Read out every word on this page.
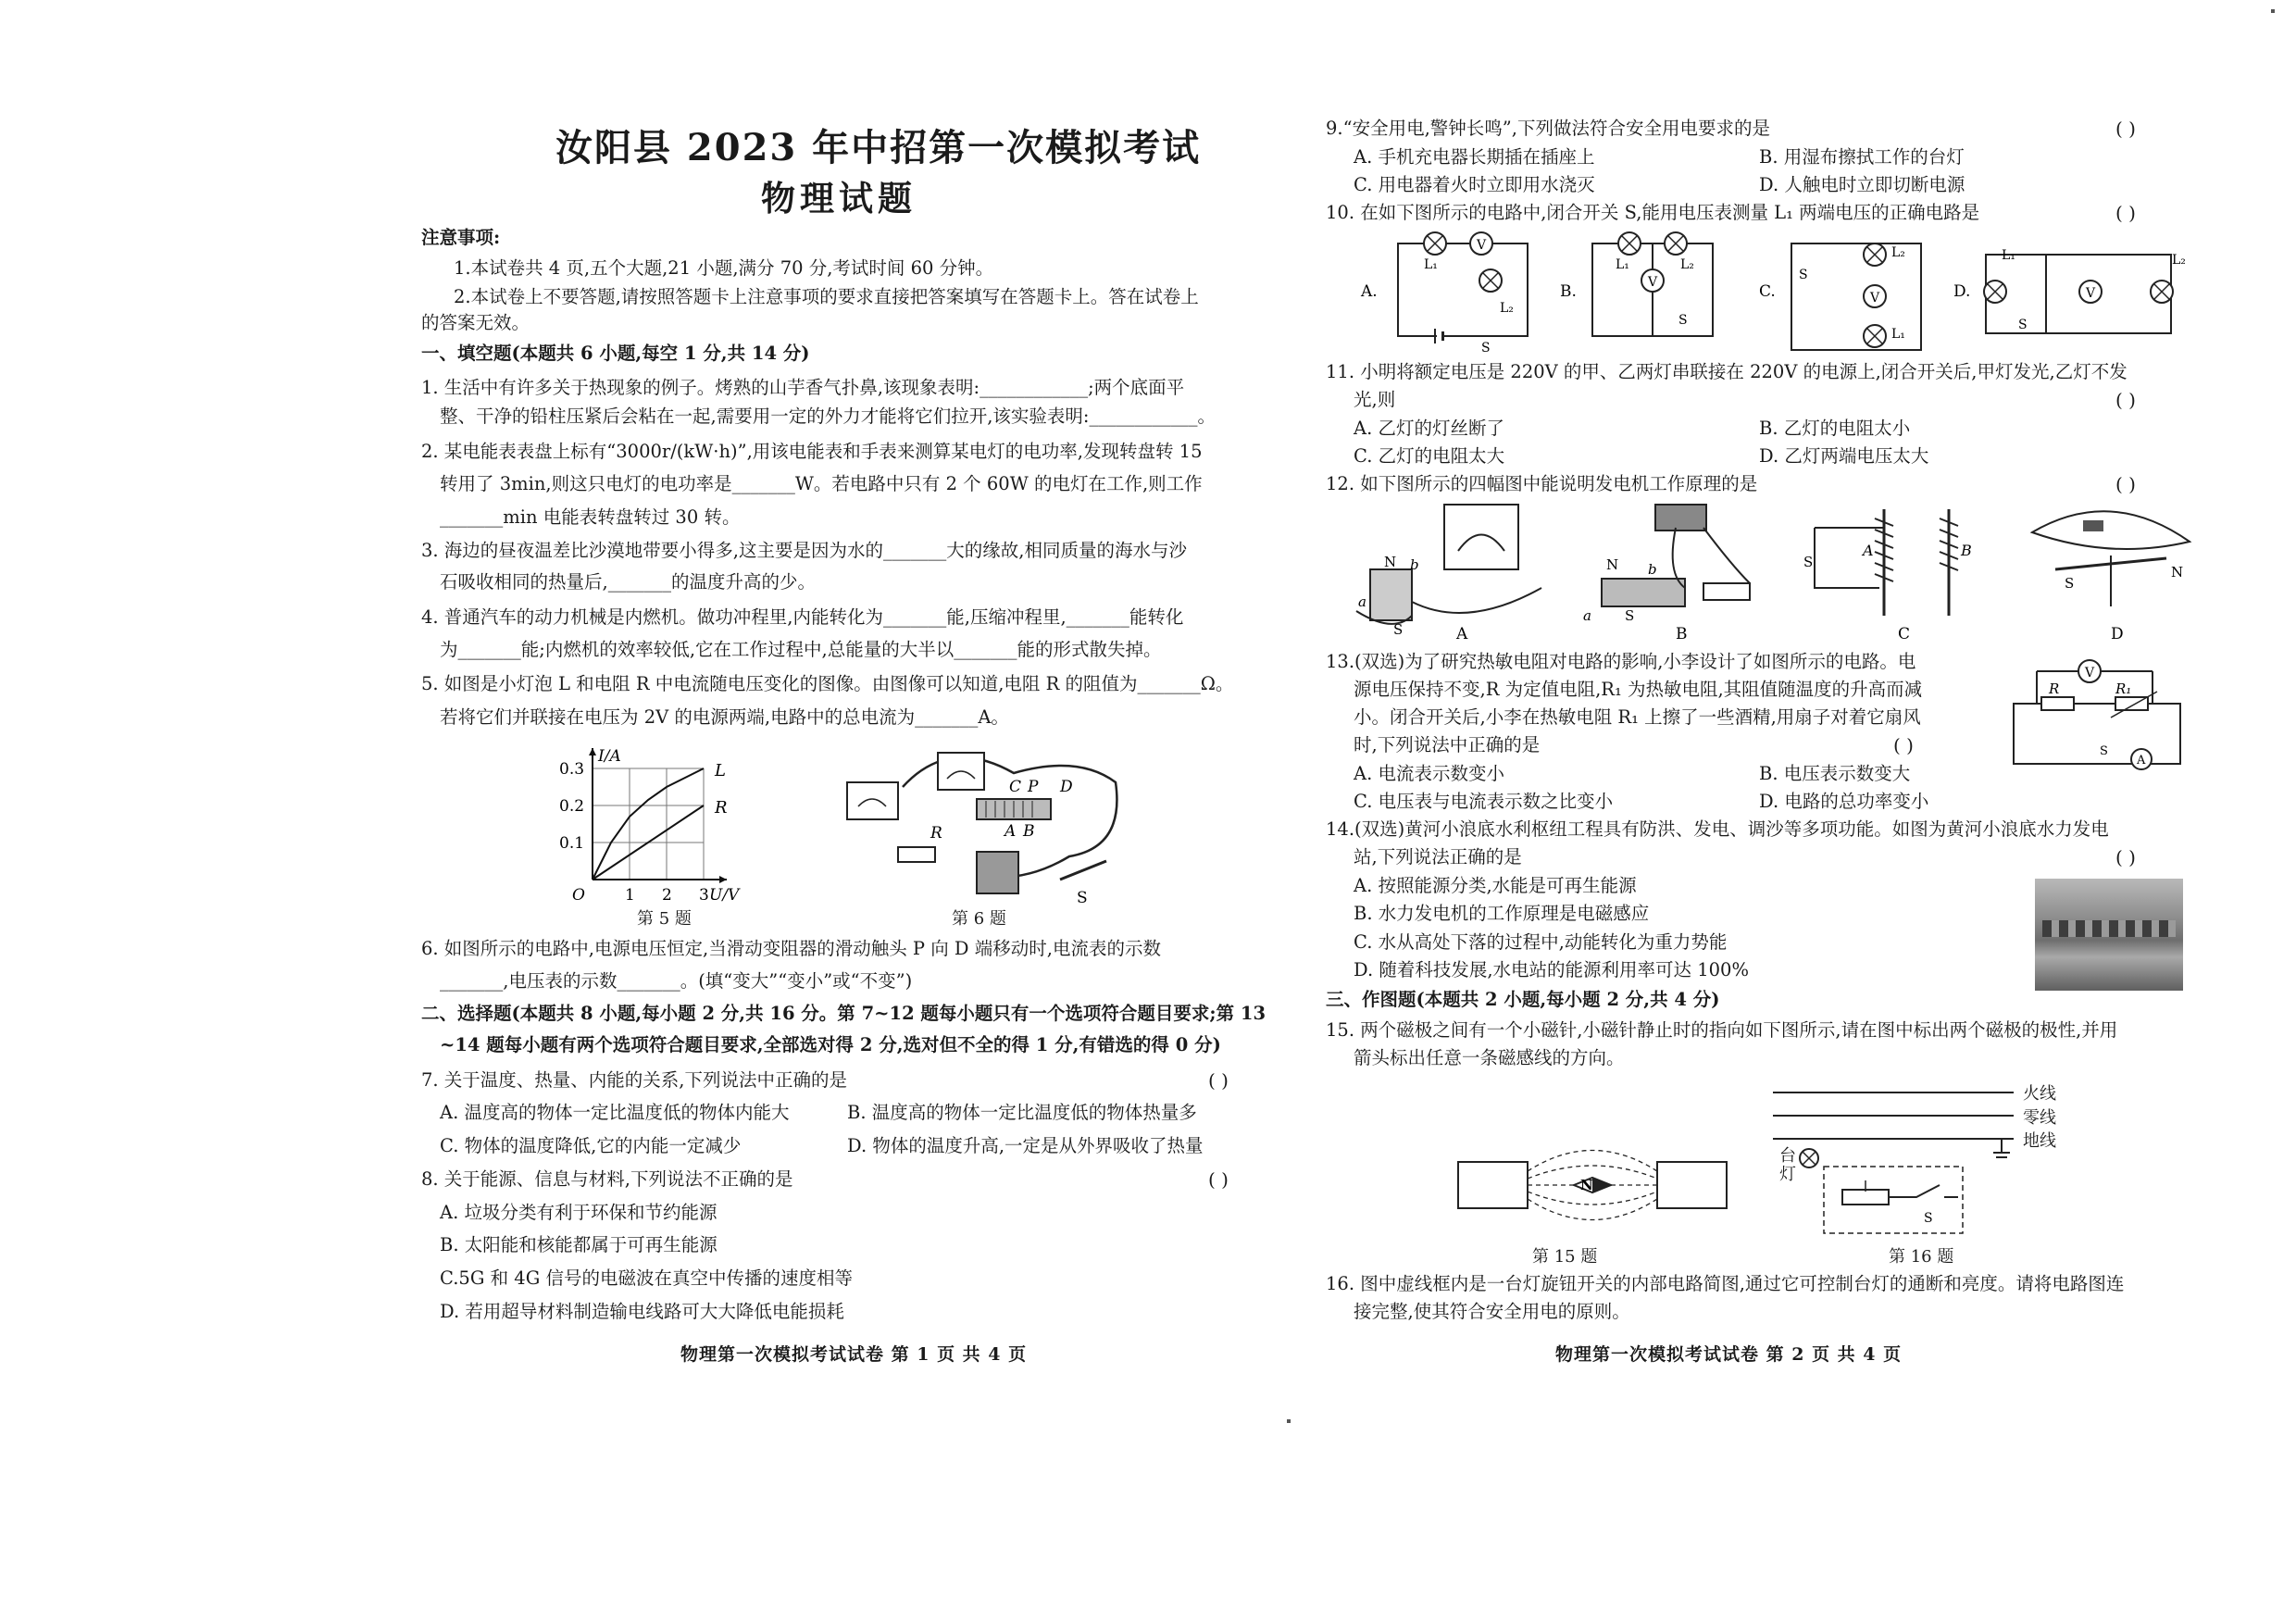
汝阳县 2023 年中招第一次模拟考试
物理试题
注意事项:
1.本试卷共 4 页,五个大题,21 小题,满分 70 分,考试时间 60 分钟。
2.本试卷上不要答题,请按照答题卡上注意事项的要求直接把答案填写在答题卡上。答在试卷上
的答案无效。
一、填空题(本题共 6 小题,每空 1 分,共 14 分)
1. 生活中有许多关于热现象的例子。烤熟的山芋香气扑鼻,该现象表明:____________;两个底面平
整、干净的铅柱压紧后会粘在一起,需要用一定的外力才能将它们拉开,该实验表明:____________。
2. 某电能表表盘上标有“3000r/(kW·h)”,用该电能表和手表来测算某电灯的电功率,发现转盘转 15
转用了 3min,则这只电灯的电功率是_______W。若电路中只有 2 个 60W 的电灯在工作,则工作
_______min 电能表转盘转过 30 转。
3. 海边的昼夜温差比沙漠地带要小得多,这主要是因为水的_______大的缘故,相同质量的海水与沙
石吸收相同的热量后,_______的温度升高的少。
4. 普通汽车的动力机械是内燃机。做功冲程里,内能转化为_______能,压缩冲程里,_______能转化
为_______能;内燃机的效率较低,它在工作过程中,总能量的大半以_______能的形式散失掉。
5. 如图是小灯泡 L 和电阻 R 中电流随电压变化的图像。由图像可以知道,电阻 R 的阻值为_______Ω。
若将它们并联接在电压为 2V 的电源两端,电路中的总电流为_______A。
0.3
0.2
0.1
1 2 3
O
I/A
U/V
L
R
第 5 题
C P D
A B
R
S
第 6 题
6. 如图所示的电路中,电源电压恒定,当滑动变阻器的滑动触头 P 向 D 端移动时,电流表的示数
_______,电压表的示数_______。(填“变大”“变小”或“不变”)
二、选择题(本题共 8 小题,每小题 2 分,共 16 分。第 7~12 题每小题只有一个选项符合题目要求;第 13
~14 题每小题有两个选项符合题目要求,全部选对得 2 分,选对但不全的得 1 分,有错选的得 0 分)
7. 关于温度、热量、内能的关系,下列说法中正确的是	( )
A. 温度高的物体一定比温度低的物体内能大	B. 温度高的物体一定比温度低的物体热量多
C. 物体的温度降低,它的内能一定减少	D. 物体的温度升高,一定是从外界吸收了热量
8. 关于能源、信息与材料,下列说法不正确的是	( )
A. 垃圾分类有利于环保和节约能源
B. 太阳能和核能都属于可再生能源
C.5G 和 4G 信号的电磁波在真空中传播的速度相等
D. 若用超导材料制造输电线路可大大降低电能损耗
物理第一次模拟考试试卷 第 1 页 共 4 页
9.“安全用电,警钟长鸣”,下列做法符合安全用电要求的是	( )
A. 手机充电器长期插在插座上	B. 用湿布擦拭工作的台灯
C. 用电器着火时立即用水浇灭	D. 人触电时立即切断电源
10. 在如下图所示的电路中,闭合开关 S,能用电压表测量 L₁ 两端电压的正确电路是	( )
V
A.
L₁
L₂
S
V
B.
L₁	L₂
S
V
C.
S
L₂
L₁
V
D.
L₁	L₂
S
11. 小明将额定电压是 220V 的甲、乙两灯串联接在 220V 的电源上,闭合开关后,甲灯发光,乙灯不发
光,则	( )
A. 乙灯的灯丝断了	B. 乙灯的电阻太小
C. 乙灯的电阻太大	D. 乙灯两端电压太大
12. 如下图所示的四幅图中能说明发电机工作原理的是	( )
N
S
a
b
A
N
S
a
b
B
S
A	B
C
S
N
D
13.(双选)为了研究热敏电阻对电路的影响,小李设计了如图所示的电路。电
源电压保持不变,R 为定值电阻,R₁ 为热敏电阻,其阻值随温度的升高而减
小。闭合开关后,小李在热敏电阻 R₁ 上擦了一些酒精,用扇子对着它扇风
时,下列说法中正确的是	( )
A. 电流表示数变小	B. 电压表示数变大
C. 电压表与电流表示数之比变小	D. 电路的总功率变小
V
A
R	R₁
S
14.(双选)黄河小浪底水利枢纽工程具有防洪、发电、调沙等多项功能。如图为黄河小浪底水力发电
站,下列说法正确的是	( )
A. 按照能源分类,水能是可再生能源
B. 水力发电机的工作原理是电磁感应
C. 水从高处下落的过程中,动能转化为重力势能
D. 随着科技发展,水电站的能源利用率可达 100%
三、作图题(本题共 2 小题,每小题 2 分,共 4 分)
15. 两个磁极之间有一个小磁针,小磁针静止时的指向如下图所示,请在图中标出两个磁极的极性,并用
箭头标出任意一条磁感线的方向。
N
第 15 题
S
火线
零线
地线
台灯
第 16 题
16. 图中虚线框内是一台灯旋钮开关的内部电路简图,通过它可控制台灯的通断和亮度。请将电路图连
接完整,使其符合安全用电的原则。
物理第一次模拟考试试卷 第 2 页 共 4 页
